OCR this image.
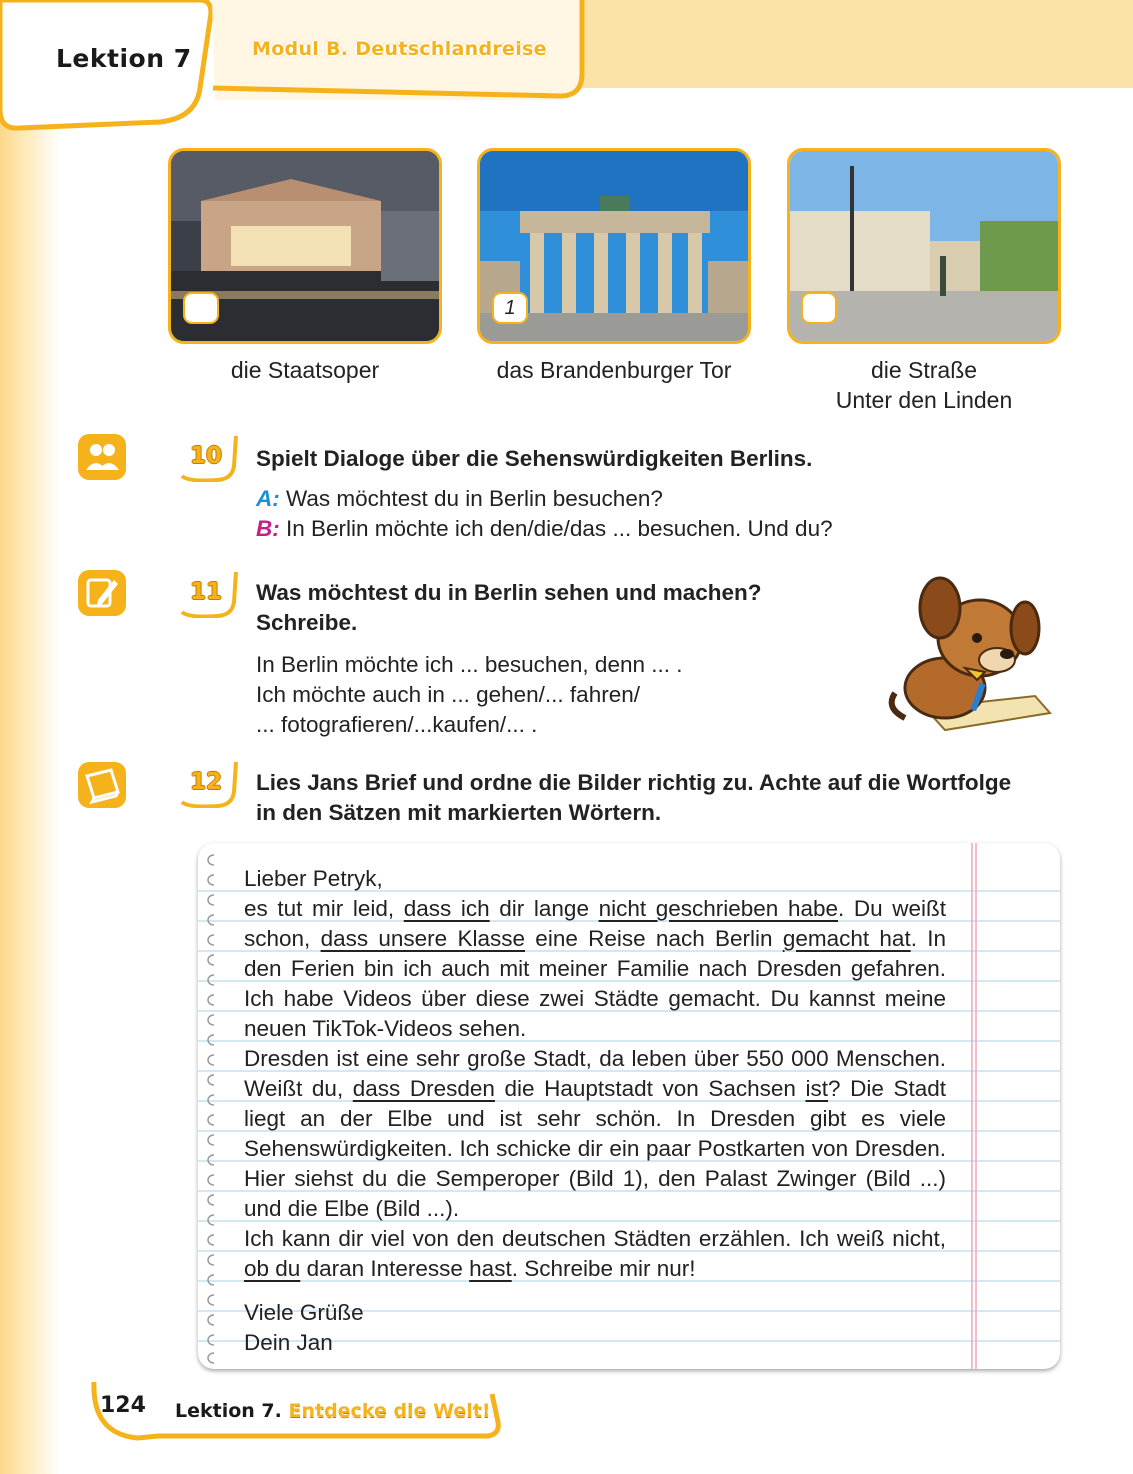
Lektion 7	Modul B. Deutschlandreise
1
die Staatsoper	das Brandenburger Tor	die Straße
Unter den Linden
10 Spielt Dialoge über die Sehenswürdigkeiten Berlins.
A: Was möchtest du in Berlin besuchen?
B: In Berlin möchte ich den/die/das ... besuchen. Und du?
11 Was möchtest du in Berlin sehen und machen?
Schreibe.
In Berlin möchte ich ... besuchen, denn ... .
Ich möchte auch in ... gehen/... fahren/
... fotografieren/...kaufen/... .
12 Lies Jans Brief und ordne die Bilder richtig zu. Achte auf die Wortfolge
in den Sätzen mit markierten Wörtern.

Lieber Petryk,

es tut mir leid, dass ich dir lange nicht geschrieben habe. Du weißt schon, dass unsere Klasse eine Reise nach Berlin gemacht hat. In den Ferien bin ich auch mit meiner Familie nach Dresden gefahren. Ich habe Videos über diese zwei Städte gemacht. Du kannst meine neuen TikTok-Videos sehen.

Dresden ist eine sehr große Stadt, da leben über 550 000 Menschen. Weißt du, dass Dresden die Hauptstadt von Sachsen ist? Die Stadt liegt an der Elbe und ist sehr schön. In Dresden gibt es viele Sehenswürdigkeiten. Ich schicke dir ein paar Postkarten von Dresden. Hier siehst du die Semperoper (Bild 1), den Palast Zwinger (Bild ...) und die Elbe (Bild ...).

Ich kann dir viel von den deutschen Städten erzählen. Ich weiß nicht, ob du daran Interesse hast. Schreibe mir nur!

Viele Grüße
Dein Jan
124 Lektion 7. Entdecke die Welt!
